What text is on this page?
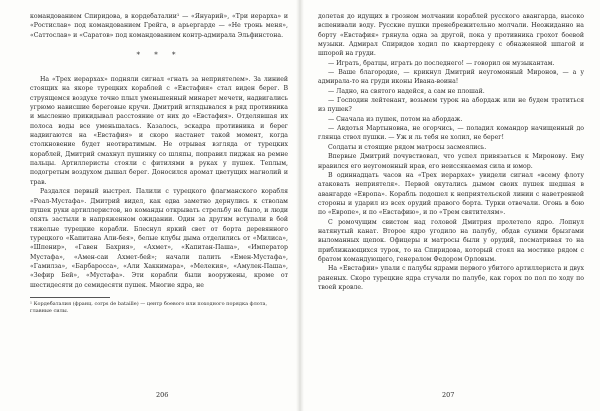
командованием Спиридова, в кордебаталии¹ — «Януарий», «Три иерарха» и «Ростислав» под командованием Грейга, в арьергарде — «Не тронь меня», «Саттослав» и «Саратов» под командованием контр-адмирала Эльфинстона.

* * *

На «Трех иерархах» подняли сигнал «гнать за неприятелем». За линией стоящих на якоре турецких кораблей с «Евстафия» стал виден берег. В струящемся воздухе точно плыл уменьшенный минарет мечети, надвигались угрюмо нависшие береговые кручи. Дмитрий вглядывался в ряд противника и мысленно прикидывал расстояние от них до «Евстафия». Отделявшая их полоса воды все уменьшалась. Казалось, эскадра противника и берег надвигаются на «Евстафия» и скоро настанет такой момент, когда столкновение будет неотвратимым. Не отрывая взгляда от турецких кораблей, Дмитрий смахнул пушинку со шляпы, поправил пиджак на ремне пальцы. Артиллеристы стояли с фитилями в руках у пушек. Теплым, подогретым воздухом дышал берег. Доносился аромат цветущих магнолий и трав.

Раздался первый выстрел. Палили с турецкого флагманского корабля «Реал-Мустафа». Дмитрий видел, как едва заметно дернулись к стволам пушек руки артиллеристов, но команды открывать стрельбу не было, и люди опять застыли в напряженном ожидании. Один за другим вступали в бой тяжелые турецкие корабли. Блеснул яркий свет от борта деревянного турецкого «Капитана Али-бея», белые клубы дыма отделились от «Милиса», «Шпенир», «Гавен Бахрия», «Ахмет», «Капитан-Паша», «Император Мустафа», «Амен-саи Ахмет-бей»; начали палить «Емен-Мустафа», «Гамилза», «Барбаросса», «Али Хаккимара», «Мелекия», «Амулек-Паша», «Зефир Бей», «Мустафа». Эти корабли были вооружены, кроме от шестидесяти до семидесяти пушек. Многие ядра, не

¹ Кордебаталия (франц. corps de bataille) — центр боевого или походного порядка флота, главные силы.
206

долетая до идущих в грозном молчании кораблей русского авангарда, высоко вспенивали воду. Русские пушки пренебрежительно молчали. Неожиданно на борту «Евстафия» грянула одна за другой, пока у противника грохот боевой музыки. Адмирал Спиридов ходил по квартердеку с обнаженной шпагой и шпорой на груди.

— Играть, братцы, играть до последнего! — говорил он музыкантам.

— Ваше благородие, — крикнул Дмитрий неугомонный Миронов, — а у адмирала-то на груди иконы Ивана-воина!

— Ладно, на святого надейся, а сам не плошай.

— Господин лейтенант, возьмем турок на абордаж или не будем тратиться из пушек?

— Сначала из пушек, потом на абордаж.

— Авдотья Мартыновна, не огорчись, — поладил командор начищенный до глянца ствол пушки. — Уж и ль тебя не холил, не берег!

Солдаты и стоящие рядом матросы засмеялись.

Впервые Дмитрий почувствовал, что успел привязаться к Миронову. Ему нравился его неугомонный нрав, его неиссякаемая сила и юмор.

В одиннадцать часов на «Трех иерархах» увидели сигнал «всему флоту атаковать неприятеля». Первой окутались дымом своих пушек шедшая в авангарде «Европа». Корабль подошел к неприятельской линии с наветренной стороны и ударил из всех орудий правого борта. Турки отвечали. Огонь в бою по «Европе», и по «Евстафию», и по «Трем святителям».

С ромочущим свистом над головой Дмитрия пролетело ядро. Лопнул натянутый канат. Второе ядро угодило на палубу, обдав сухими брызгами выломанных щепок. Офицеры и матросы были у орудий, посматривая то на приближающихся турок, то на Спиридова, который стоял на мостике рядом с братом командующего, генералом Федором Орловым.

На «Евстафии» упали с палубы ядрами первого убитого артиллериста и двух раненых. Скоро турецкие ядра стучали по палубе, как горох по пол по ходу по твоей кровле.

207
